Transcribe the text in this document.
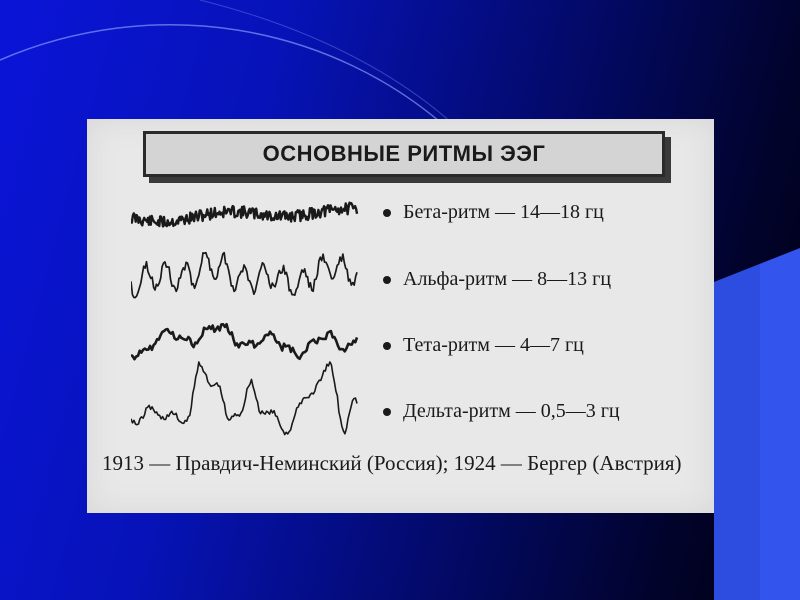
ОСНОВНЫЕ РИТМЫ ЭЭГ
Бета-ритм — 14—18 гц
Альфа-ритм — 8—13 гц
Тета-ритм — 4—7 гц
Дельта-ритм — 0,5—3 гц
1913 — Правдич-Неминский (Россия); 1924 — Бергер (Австрия)
